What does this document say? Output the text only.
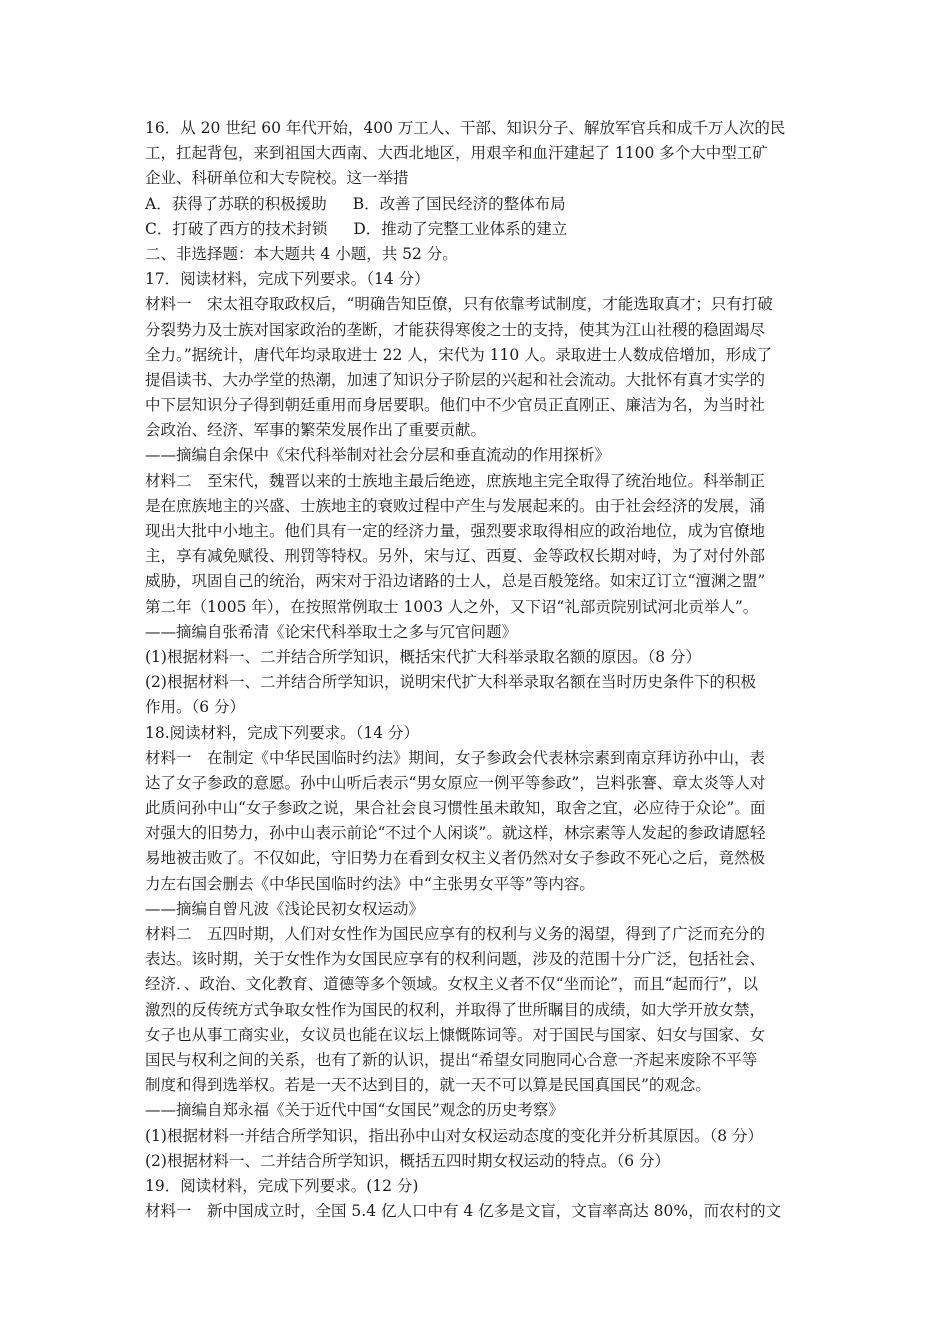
16．从 20 世纪 60 年代开始，400 万工人、干部、知识分子、解放军官兵和成千万人次的民
工，扛起背包，来到祖国大西南、大西北地区，用艰辛和血汗建起了 1100 多个大中型工矿
企业、科研单位和大专院校。这一举措
A．获得了苏联的积极援助 B．改善了国民经济的整体布局
C．打破了西方的技术封锁 D．推动了完整工业体系的建立
二、非选择题：本大题共 4 小题，共 52 分。
17．阅读材料，完成下列要求。（14 分）
材料一　宋太祖夺取政权后，“明确告知臣僚，只有依靠考试制度，才能选取真才；只有打破
分裂势力及士族对国家政治的垄断，才能获得寒俊之士的支持，使其为江山社稷的稳固竭尽
全力。”据统计，唐代年均录取进士 22 人，宋代为 110 人。录取进士人数成倍增加，形成了
提倡读书、大办学堂的热潮，加速了知识分子阶层的兴起和社会流动。大批怀有真才实学的
中下层知识分子得到朝廷重用而身居要职。他们中不少官员正直刚正、廉洁为名，为当时社
会政治、经济、军事的繁荣发展作出了重要贡献。
——摘编自余保中《宋代科举制对社会分层和垂直流动的作用探析》
材料二　至宋代，魏晋以来的士族地主最后绝迹，庶族地主完全取得了统治地位。科举制正
是在庶族地主的兴盛、士族地主的衰败过程中产生与发展起来的。由于社会经济的发展，涌
现出大批中小地主。他们具有一定的经济力量，强烈要求取得相应的政治地位，成为官僚地
主，享有减免赋役、刑罚等特权。另外，宋与辽、西夏、金等政权长期对峙，为了对付外部
威胁，巩固自己的统治，两宋对于沿边诸路的士人，总是百般笼络。如宋辽订立“澶渊之盟”
第二年（1005 年），在按照常例取士 1003 人之外，又下诏“礼部贡院别试河北贡举人”。
——摘编自张希清《论宋代科举取士之多与冗官问题》
(1)根据材料一、二并结合所学知识，概括宋代扩大科举录取名额的原因。（8 分）
(2)根据材料一、二并结合所学知识，说明宋代扩大科举录取名额在当时历史条件下的积极
作用。（6 分）
18.阅读材料，完成下列要求。（14 分）
材料一　在制定《中华民国临时约法》期间，女子参政会代表林宗素到南京拜访孙中山，表
达了女子参政的意愿。孙中山听后表示“男女原应一例平等参政”，岂料张謇、章太炎等人对
此质问孙中山“女子参政之说，果合社会良习惯性虽未敢知，取舍之宜，必应待于众论”。面
对强大的旧势力，孙中山表示前论“不过个人闲谈”。就这样，林宗素等人发起的参政请愿轻
易地被击败了。不仅如此，守旧势力在看到女权主义者仍然对女子参政不死心之后，竟然极
力左右国会删去《中华民国临时约法》中“主张男女平等”等内容。
——摘编自曾凡波《浅论民初女权运动》
材料二　五四时期，人们对女性作为国民应享有的权利与义务的渴望，得到了广泛而充分的
表达。该时期，关于女性作为女国民应享有的权利问题，涉及的范围十分广泛，包括社会、
经济．、政治、文化教育、道德等多个领域。女权主义者不仅“坐而论”，而且“起而行”，以
激烈的反传统方式争取女性作为国民的权利，并取得了世所瞩目的成绩，如大学开放女禁，
女子也从事工商实业，女议员也能在议坛上慷慨陈词等。对于国民与国家、妇女与国家、女
国民与权利之间的关系，也有了新的认识，提出“希望女同胞同心合意一齐起来废除不平等
制度和得到选举权。若是一天不达到目的，就一天不可以算是民国真国民”的观念。
——摘编自郑永福《关于近代中国“女国民”观念的历史考察》
(1)根据材料一并结合所学知识，指出孙中山对女权运动态度的变化并分析其原因。（8 分）
(2)根据材料一、二并结合所学知识，概括五四时期女权运动的特点。（6 分）
19．阅读材料，完成下列要求。(12 分)
材料一　新中国成立时，全国 5.4 亿人口中有 4 亿多是文盲，文盲率高达 80%，而农村的文
